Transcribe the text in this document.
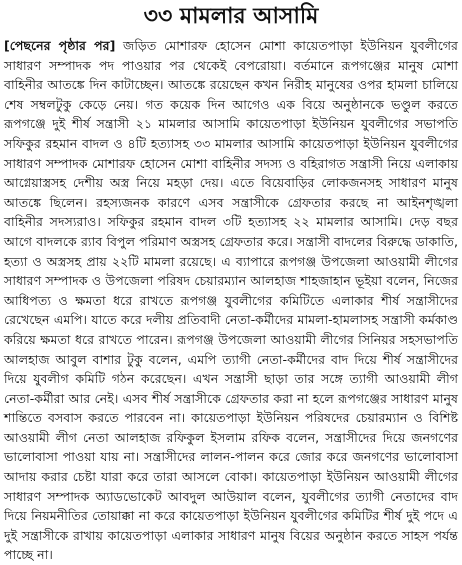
৩৩ মামলার আসামি
[পেছনের পৃষ্ঠার পর] জড়িত মোশারফ হোসেন মোশা কায়েতপাড়া ইউনিয়ন যুবলীগের সাধারণ সম্পাদক পদ পাওয়ার পর থেকেই বেপরোয়া। বর্তমানে রূপগঞ্জের মানুষ মোশা বাহিনীর আতঙ্কে দিন কাটাচ্ছেন। আতঙ্কে রয়েছেন কখন নিরীহ মানুষের ওপর হামলা চালিয়ে শেষ সম্বলটুকু কেড়ে নেয়। গত কয়েক দিন আগেও এক বিয়ে অনুষ্ঠানকে ভণ্ডুল করতে রূপগঞ্জে দুই শীর্ষ সন্ত্রাসী ২১ মামলার আসামি কায়েতপাড়া ইউনিয়ন যুবলীগের সভাপতি সফিকুর রহমান বাদল ও ৪টি হত্যাসহ ৩৩ মামলার আসামি কায়েতপাড়া ইউনিয়ন যুবলীগের সাধারণ সম্পাদক মোশারফ হোসেন মোশা বাহিনীর সদস্য ও বহিরাগত সন্ত্রাসী নিয়ে এলাকায় আগ্নেয়াস্ত্রসহ দেশীয় অস্ত্র নিয়ে মহড়া দেয়। এতে বিয়েবাড়ির লোকজনসহ সাধারণ মানুষ আতঙ্কে ছিলেন। রহস্যজনক কারণে এসব সন্ত্রাসীকে গ্রেফতার করছে না আইনশৃঙ্খলা বাহিনীর সদস্যরাও। সফিকুর রহমান বাদল ৩টি হত্যাসহ ২২ মামলার আসামি। দেড় বছর আগে বাদলকে র‍্যাব বিপুল পরিমাণ অস্ত্রসহ গ্রেফতার করে। সন্ত্রাসী বাদলের বিরুদ্ধে ডাকাতি, হত্যা ও অস্ত্রসহ প্রায় ২২টি মামলা রয়েছে। এ ব্যাপারে রূপগঞ্জ উপজেলা আওয়ামী লীগের সাধারণ সম্পাদক ও উপজেলা পরিষদ চেয়ারম্যান আলহাজ শাহজাহান ভূইয়া বলেন, নিজের আধিপত্য ও ক্ষমতা ধরে রাখতে রূপগঞ্জ যুবলীগের কমিটিতে এলাকার শীর্ষ সন্ত্রাসীদের রেখেছেন এমপি। যাতে করে দলীয় প্রতিবাদী নেতা-কর্মীদের মামলা-হামলাসহ সন্ত্রাসী কর্মকাণ্ড করিয়ে ক্ষমতা ধরে রাখতে পারেন। রূপগঞ্জ উপজেলা আওয়ামী লীগের সিনিয়র সহসভাপতি আলহাজ আবুল বাশার টুকু বলেন, এমপি ত্যাগী নেতা-কর্মীদের বাদ দিয়ে শীর্ষ সন্ত্রাসীদের দিয়ে যুবলীগ কমিটি গঠন করেছেন। এখন সন্ত্রাসী ছাড়া তার সঙ্গে ত্যাগী আওয়ামী লীগ নেতা-কর্মীরা আর নেই। এসব শীর্ষ সন্ত্রাসীকে গ্রেফতার করা না হলে রূপগঞ্জের সাধারণ মানুষ শান্তিতে বসবাস করতে পারবেন না। কায়েতপাড়া ইউনিয়ন পরিষদের চেয়ারম্যান ও বিশিষ্ট আওয়ামী লীগ নেতা আলহাজ রফিকুল ইসলাম রফিক বলেন, সন্ত্রাসীদের দিয়ে জনগণের ভালোবাসা পাওয়া যায় না। সন্ত্রাসীদের লালন-পালন করে জোর করে জনগণের ভালোবাসা আদায় করার চেষ্টা যারা করে তারা আসলে বোকা। কায়েতপাড়া ইউনিয়ন আওয়ামী লীগের সাধারণ সম্পাদক অ্যাডভোকেট আবদুল আউয়াল বলেন, যুবলীগের ত্যাগী নেতাদের বাদ দিয়ে নিয়মনীতির তোয়াক্কা না করে কায়েতপাড়া ইউনিয়ন যুবলীগের কমিটির শীর্ষ দুই পদে এ দুই সন্ত্রাসীকে রাখায় কায়েতপাড়া এলাকার সাধারণ মানুষ বিয়ের অনুষ্ঠান করতে সাহস পর্যন্ত পাচ্ছে না।
